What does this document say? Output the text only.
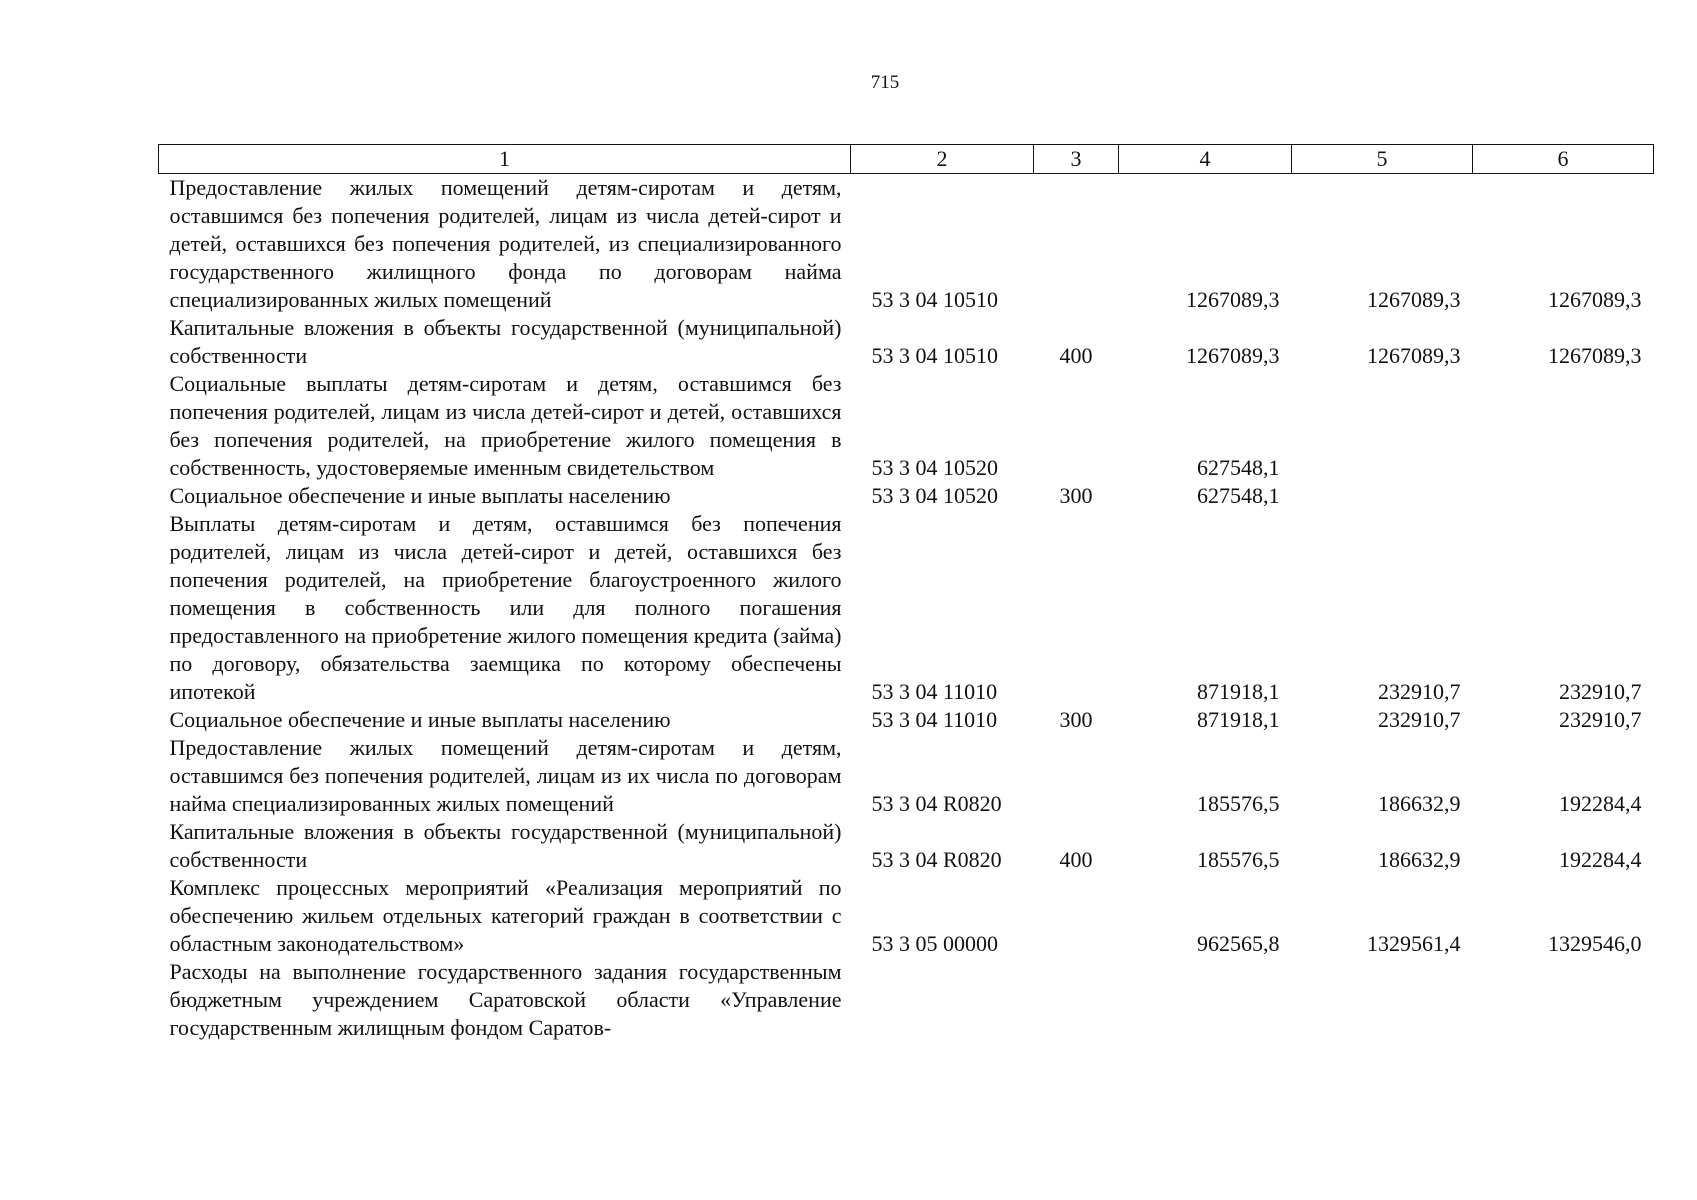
715
1	2	3	4	5	6
Предоставление жилых помещений детям-сиротам и детям, оставшимся без попечения родителей, лицам из числа детей-сирот и детей, оставшихся без попечения родителей, из специализированного государственного жилищного фонда по договорам найма специализированных жилых помещений	53 3 04 10510		1267089,3	1267089,3	1267089,3
Капитальные вложения в объекты государственной (муниципальной) собственности	53 3 04 10510	400	1267089,3	1267089,3	1267089,3
Социальные выплаты детям-сиротам и детям, оставшимся без попечения родителей, лицам из числа детей-сирот и детей, оставшихся без попечения родителей, на приобретение жилого помещения в собственность, удостоверяемые именным свидетельством	53 3 04 10520		627548,1		
Социальное обеспечение и иные выплаты населению	53 3 04 10520	300	627548,1		
Выплаты детям-сиротам и детям, оставшимся без попечения родителей, лицам из числа детей-сирот и детей, оставшихся без попечения родителей, на приобретение благоустроенного жилого помещения в собственность или для полного погашения предоставленного на приобретение жилого помещения кредита (займа) по договору, обязательства заемщика по которому обеспечены ипотекой	53 3 04 11010		871918,1	232910,7	232910,7
Социальное обеспечение и иные выплаты населению	53 3 04 11010	300	871918,1	232910,7	232910,7
Предоставление жилых помещений детям-сиротам и детям, оставшимся без попечения родителей, лицам из их числа по договорам найма специализированных жилых помещений	53 3 04 R0820		185576,5	186632,9	192284,4
Капитальные вложения в объекты государственной (муниципальной) собственности	53 3 04 R0820	400	185576,5	186632,9	192284,4
Комплекс процессных мероприятий «Реализация мероприятий по обеспечению жильем отдельных категорий граждан в соответствии с областным законодательством»	53 3 05 00000		962565,8	1329561,4	1329546,0
Расходы на выполнение государственного задания государственным бюджетным учреждением Саратовской области «Управление государственным жилищным фондом Саратов-					
